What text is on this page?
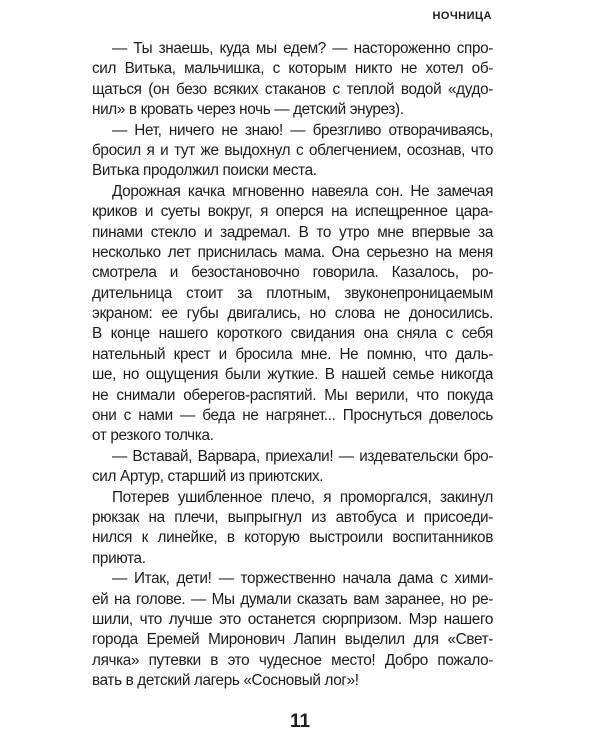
НОЧНИЦА
— Ты знаешь, куда мы едем? — настороженно спро-
сил Витька, мальчишка, с которым никто не хотел об-
щаться (он безо всяких стаканов с теплой водой «дудо-
нил» в кровать через ночь — детский энурез).
— Нет, ничего не знаю! — брезгливо отворачиваясь,
бросил я и тут же выдохнул с облегчением, осознав, что
Витька продолжил поиски места.
Дорожная качка мгновенно навеяла сон. Не замечая
криков и суеты вокруг, я оперся на испещренное цара-
пинами стекло и задремал. В то утро мне впервые за
несколько лет приснилась мама. Она серьезно на меня
смотрела и безостановочно говорила. Казалось, ро-
дительница стоит за плотным, звуконепроницаемым
экраном: ее губы двигались, но слова не доносились.
В конце нашего короткого свидания она сняла с себя
нательный крест и бросила мне. Не помню, что даль-
ше, но ощущения были жуткие. В нашей семье никогда
не снимали оберегов-распятий. Мы верили, что покуда
они с нами — беда не нагрянет... Проснуться довелось
от резкого толчка.
— Вставай, Варвара, приехали! — издевательски бро-
сил Артур, старший из приютских.
Потерев ушибленное плечо, я проморгался, закинул
рюкзак на плечи, выпрыгнул из автобуса и присоеди-
нился к линейке, в которую выстроили воспитанников
приюта.
— Итак, дети! — торжественно начала дама с хими-
ей на голове. — Мы думали сказать вам заранее, но ре-
шили, что лучше это останется сюрпризом. Мэр нашего
города Еремей Миронович Лапин выделил для «Свет-
лячка» путевки в это чудесное место! Добро пожало-
вать в детский лагерь «Сосновый лог»!
11
